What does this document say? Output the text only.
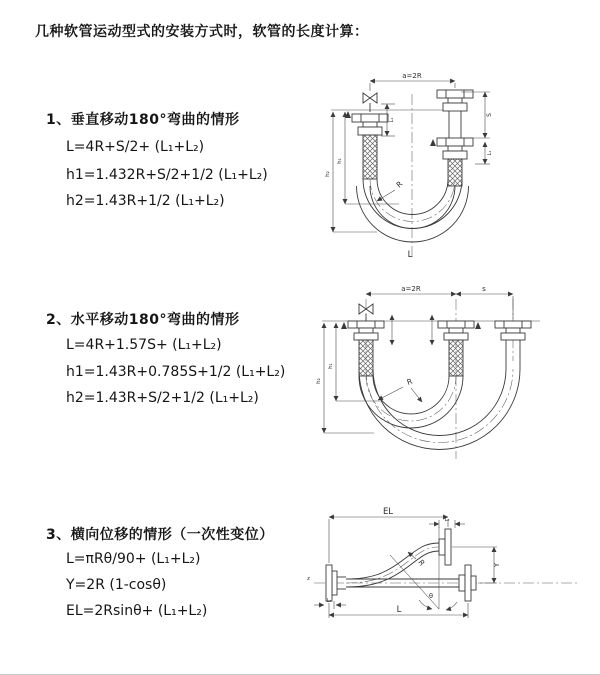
几种软管运动型式的安装方式时，软管的长度计算：
1、垂直移动180°弯曲的情形
L=4R+S/2+ (L₁+L₂)
h1=1.432R+S/2+1/2 (L₁+L₂)
h2=1.43R+1/2 (L₁+L₂)
2、水平移动180°弯曲的情形
L=4R+1.57S+ (L₁+L₂)
h1=1.43R+0.785S+1/2 (L₁+L₂)
h2=1.43R+S/2+1/2 (L₁+L₂)
3、横向位移的情形（一次性变位）
L=πRθ/90+ (L₁+L₂)
Y=2R (1-cosθ)
EL=2Rsinθ+ (L₁+L₂)
a=2R
h₂
h₁
L₁
S
L₁
R
L
a=2R	s
h₂
h₁
R
z
EL
L₂
Y
L
L₁
θ
R
